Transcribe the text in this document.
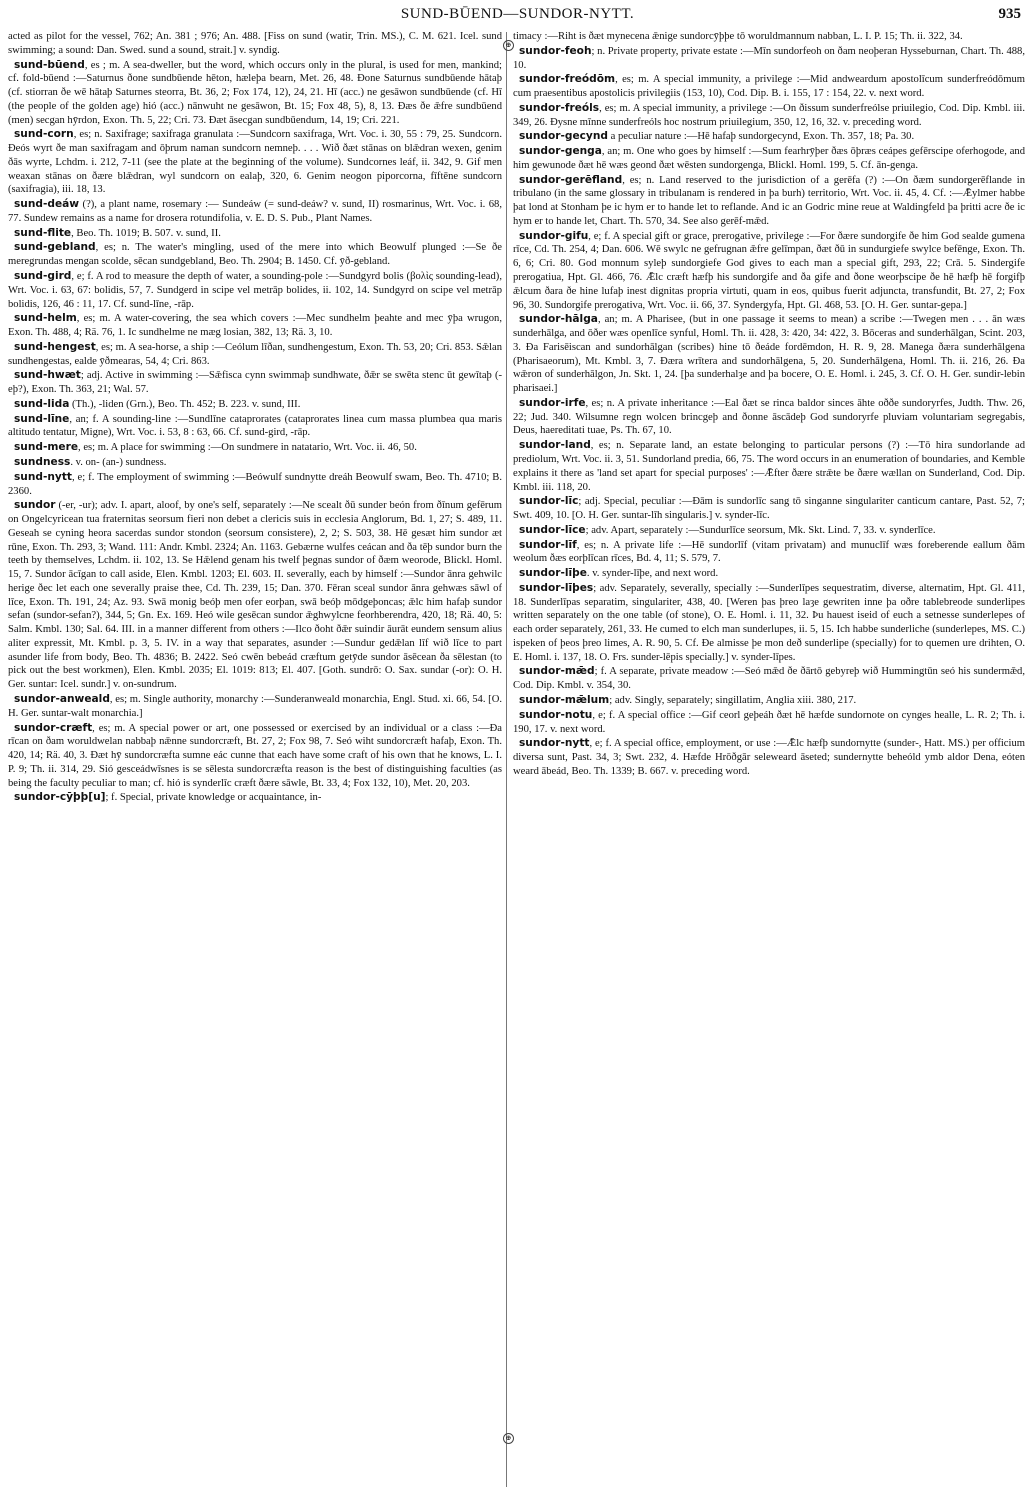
SUND-BŪEND—SUNDOR-NYTT.	935
⊕
⊕

acted as pilot for the vessel, 762; An. 381 ; 976; An. 488. [Fiss on sund (watir, Trin. MS.), C. M. 621. Icel. sund swimming; a sound: Dan. Swed. sund a sound, strait.] v. syndig.

sund-būend, es ; m. A sea-dweller, but the word, which occurs only in the plural, is used for men, mankind; cf. fold-būend :—Saturnus ðone sundbūende hēton, hæleþa bearn, Met. 26, 48. Ðone Saturnus sundbūende hātaþ (cf. stiorran ðe wē hātaþ Saturnes steorra, Bt. 36, 2; Fox 174, 12), 24, 21. Hī (acc.) ne gesāwon sundbūende (cf. Hī (the people of the golden age) hió (acc.) nānwuht ne gesāwon, Bt. 15; Fox 48, 5), 8, 13. Ðæs ðe ǣfre sundbūend (men) secgan hȳrdon, Exon. Th. 5, 22; Cri. 73. Ðæt āsecgan sundbūendum, 14, 19; Cri. 221.

sund-corn, es; n. Saxifrage; saxifraga granulata :—Sundcorn saxifraga, Wrt. Voc. i. 30, 55 : 79, 25. Sundcorn. Ðeós wyrt ðe man saxifragam and ōþrum naman sundcorn nemneþ. . . . Wið ðæt stānas on blǣdran wexen, genim ðās wyrte, Lchdm. i. 212, 7-11 (see the plate at the beginning of the volume). Sundcornes leáf, ii. 342, 9. Gif men weaxan stānas on ðære blǣdran, wyl sundcorn on ealaþ, 320, 6. Genim neogon piporcorna, fīftēne sundcorn (saxifragia), iii. 18, 13.

sund-deáw (?), a plant name, rosemary :— Sundeáw (= sund-deáw? v. sund, II) rosmarinus, Wrt. Voc. i. 68, 77. Sundew remains as a name for drosera rotundifolia, v. E. D. S. Pub., Plant Names.

sund-flite, Beo. Th. 1019; B. 507. v. sund, II.

sund-gebland, es; n. The water's mingling, used of the mere into which Beowulf plunged :—Se ðe meregrundas mengan scolde, sēcan sundgebland, Beo. Th. 2904; B. 1450. Cf. ȳð-gebland.

sund-gird, e; f. A rod to measure the depth of water, a sounding-pole :—Sundgyrd bolis (βολὶς sounding-lead), Wrt. Voc. i. 63, 67: bolidis, 57, 7. Sundgerd in scipe vel metrāp bolides, ii. 102, 14. Sundgyrd on scipe vel metrāp bolidis, 126, 46 : 11, 17. Cf. sund-līne, -rāp.

sund-helm, es; m. A water-covering, the sea which covers :—Mec sundhelm þeahte and mec ȳþa wrugon, Exon. Th. 488, 4; Rä. 76, 1. Ic sundhelme ne mæg losian, 382, 13; Rä. 3, 10.

sund-hengest, es; m. A sea-horse, a ship :—Ceólum līðan, sundhengestum, Exon. Th. 53, 20; Cri. 853. Sǣlan sundhengestas, ealde ȳðmearas, 54, 4; Cri. 863.

sund-hwæt; adj. Active in swimming :—Sǣfisca cynn swimmaþ sundhwate, ðǣr se swēta stenc ūt gewītaþ (-eþ?), Exon. Th. 363, 21; Wal. 57.

sund-lida (Th.), -liden (Grn.), Beo. Th. 452; B. 223. v. sund, III.

sund-līne, an; f. A sounding-line :—Sundlīne cataprorates (cataprorates linea cum massa plumbea qua maris altitudo tentatur, Migne), Wrt. Voc. i. 53, 8 : 63, 66. Cf. sund-gird, -rāp.

sund-mere, es; m. A place for swimming :—On sundmere in natatario, Wrt. Voc. ii. 46, 50.

sundness. v. on- (an-) sundness.

sund-nytt, e; f. The employment of swimming :—Beówulf sundnytte dreáh Beowulf swam, Beo. Th. 4710; B. 2360.

sundor (-er, -ur); adv. I. apart, aloof, by one's self, separately :—Ne scealt ðū sunder beón from ðīnum gefērum on Ongelcyricean tua fraternitas seorsum fieri non debet a clericis suis in ecclesia Anglorum, Bd. 1, 27; S. 489, 11. Geseah se cyning heora sacerdas sundor stondon (seorsum consistere), 2, 2; S. 503, 38. Hē gesæt him sundor æt rūne, Exon. Th. 293, 3; Wand. 111: Andr. Kmbl. 2324; An. 1163. Gebærne wulfes ceácan and ða tēþ sundor burn the teeth by themselves, Lchdm. ii. 102, 13. Se Hǣlend genam his twelf þegnas sundor of ðæm weorode, Blickl. Homl. 15, 7. Sundor ācīgan to call aside, Elen. Kmbl. 1203; El. 603. II. severally, each by himself :—Sundor ānra gehwilc herige ðec let each one severally praise thee, Cd. Th. 239, 15; Dan. 370. Fēran sceal sundor ānra gehwæs sāwl of līce, Exon. Th. 191, 24; Az. 93. Swā monig beóþ men ofer eorþan, swā beóþ mōdgeþoncas; ǣlc him hafaþ sundor sefan (sundor-sefan?), 344, 5; Gn. Ex. 169. Heó wile gesēcan sundor ǣghwylcne feorhberendra, 420, 18; Rä. 40, 5: Salm. Kmbl. 130; Sal. 64. III. in a manner different from others :—Ilco ðoht ðǣr suindir āurāt eundem sensum alius aliter expressit, Mt. Kmbl. p. 3, 5. IV. in a way that separates, asunder :—Sundur gedǣlan līf wið līce to part asunder life from body, Beo. Th. 4836; B. 2422. Seó cwēn bebeád cræftum getȳde sundor āsēcean ða sēlestan (to pick out the best workmen), Elen. Kmbl. 2035; El. 1019: 813; El. 407. [Goth. sundrō: O. Sax. sundar (-or): O. H. Ger. suntar: Icel. sundr.] v. on-sundrum.

sundor-anweald, es; m. Single authority, monarchy :—Sunderanweald monarchia, Engl. Stud. xi. 66, 54. [O. H. Ger. suntar-walt monarchia.]

sundor-cræft, es; m. A special power or art, one possessed or exercised by an individual or a class :—Ða rīcan on ðam woruldwelan nabbaþ nǣnne sundorcræft, Bt. 27, 2; Fox 98, 7. Seó wiht sundorcræft hafaþ, Exon. Th. 420, 14; Rä. 40, 3. Ðæt hȳ sundorcræfta sumne eác cunne that each have some craft of his own that he knows, L. I. P. 9; Th. ii. 314, 29. Sió gesceádwīsnes is se sēlesta sundorcræfta reason is the best of distinguishing faculties (as being the faculty peculiar to man; cf. hió is synderlīc cræft ðære sāwle, Bt. 33, 4; Fox 132, 10), Met. 20, 203.

sundor-cȳþþ[u]; f. Special, private knowledge or acquaintance, in-

timacy :—Riht is ðæt mynecena ǣnige sundorcȳþþe tō woruldmannum nabban, L. I. P. 15; Th. ii. 322, 34.

sundor-feoh; n. Private property, private estate :—Mīn sundorfeoh on ðam neoþeran Hysseburnan, Chart. Th. 488, 10.

sundor-freódōm, es; m. A special immunity, a privilege :—Mid andweardum apostolīcum sunderfreódōmum cum praesentibus apostolicis privilegiis (153, 10), Cod. Dip. B. i. 155, 17 : 154, 22. v. next word.

sundor-freóls, es; m. A special immunity, a privilege :—On ðissum sunderfreólse priuilegio, Cod. Dip. Kmbl. iii. 349, 26. Ðysne mīnne sunderfreóls hoc nostrum priuilegium, 350, 12, 16, 32. v. preceding word.

sundor-gecynd a peculiar nature :—Hē hafaþ sundorgecynd, Exon. Th. 357, 18; Pa. 30.

sundor-genga, an; m. One who goes by himself :—Sum fearhrȳþer ðæs ōþræs ceápes gefērscipe oferhogode, and him gewunode ðæt hē wæs geond ðæt wēsten sundorgenga, Blickl. Homl. 199, 5. Cf. ān-genga.

sundor-gerēfland, es; n. Land reserved to the jurisdiction of a gerēfa (?) :—On ðæm sundorgerēflande in tribulano (in the same glossary in tribulanam is rendered in þa burh) territorio, Wrt. Voc. ii. 45, 4. Cf. :—Ǣylmer habbe þat lond at Stonham þe ic hym er to hande let to reflande. And ic an Godric mine reue at Waldingfeld þa þritti acre ðe ic hym er to hande let, Chart. Th. 570, 34. See also gerēf-mǣd.

sundor-gifu, e; f. A special gift or grace, prerogative, privilege :—For ðære sundorgife ðe him God sealde gumena rīce, Cd. Th. 254, 4; Dan. 606. Wē swylc ne gefrugnan ǣfre gelīmpan, ðæt ðū in sundurgiefe swylce befēnge, Exon. Th. 6, 6; Cri. 80. God monnum syleþ sundorgiefe God gives to each man a special gift, 293, 22; Crā. 5. Sindergife prerogatiua, Hpt. Gl. 466, 76. Ǣlc cræft hæfþ his sundorgife and ða gife and ðone weorþscipe ðe hē hæfþ hē forgifþ ǣlcum ðara ðe hine lufaþ inest dignitas propria virtuti, quam in eos, quibus fuerit adjuncta, transfundit, Bt. 27, 2; Fox 96, 30. Sundorgife prerogativa, Wrt. Voc. ii. 66, 37. Syndergyfa, Hpt. Gl. 468, 53. [O. H. Ger. suntar-gepa.]

sundor-hālga, an; m. A Pharisee, (but in one passage it seems to mean) a scribe :—Twegen men . . . ān wæs sunderhālga, and ōðer wæs openlīce synful, Homl. Th. ii. 428, 3: 420, 34: 422, 3. Bōceras and sunderhālgan, Scint. 203, 3. Ða Farisēiscan and sundorhālgan (scribes) hine tō ðeáde fordēmdon, H. R. 9, 28. Manega ðæra sunderhālgena (Pharisaeorum), Mt. Kmbl. 3, 7. Ðæra wrītera and sundorhālgena, 5, 20. Sunderhālgena, Homl. Th. ii. 216, 26. Ða wǣron of sunderhālgon, Jn. Skt. 1, 24. [þa sunderhalȝe and þa bocere, O. E. Homl. i. 245, 3. Cf. O. H. Ger. sundir-lebin pharisaei.]

sundor-irfe, es; n. A private inheritance :—Eal ðæt se rinca baldor sinces āhte oððe sundoryrfes, Judth. Thw. 26, 22; Jud. 340. Wilsumne regn wolcen brincgeþ and ðonne āscādeþ God sundoryrfe pluviam voluntariam segregabis, Deus, haereditati tuae, Ps. Th. 67, 10.

sundor-land, es; n. Separate land, an estate belonging to particular persons (?) :—Tō hira sundorlande ad prediolum, Wrt. Voc. ii. 3, 51. Sundorland predia, 66, 75. The word occurs in an enumeration of boundaries, and Kemble explains it there as 'land set apart for special purposes' :—Ǣfter ðære strǣte be ðære wællan on Sunderland, Cod. Dip. Kmbl. iii. 118, 20.

sundor-līc; adj. Special, peculiar :—Ðām is sundorlīc sang tō singanne singulariter canticum cantare, Past. 52, 7; Swt. 409, 10. [O. H. Ger. suntar-līh singularis.] v. synder-līc.

sundor-līce; adv. Apart, separately :—Sundurlīce seorsum, Mk. Skt. Lind. 7, 33. v. synderlīce.

sundor-līf, es; n. A private life :—Hē sundorlīf (vitam privatam) and munuclīf wæs foreberende eallum ðām weolum ðæs eorþlīcan rīces, Bd. 4, 11; S. 579, 7.

sundor-līþe. v. synder-līþe, and next word.

sundor-līþes; adv. Separately, severally, specially :—Sunderlīpes sequestratim, diverse, alternatim, Hpt. Gl. 411, 18. Sunderlīpas separatim, singulariter, 438, 40. [Weren þas þreo laȝe gewriten inne þa oðre tablebreode sunderlipes written separately on the one table (of stone), O. E. Homl. i. 11, 32. Þu hauest iseid of euch a setnesse sunderlepes of each order separately, 261, 33. He cumed to elch man sunderlupes, ii. 5, 15. Ich habbe sunderliche (sunderlepes, MS. C.) ispeken of þeos þreo limes, A. R. 90, 5. Cf. Ðe almisse þe mon deð sunderlipe (specially) for to quemen ure drihten, O. E. Homl. i. 137, 18. O. Frs. sunder-lēpis specially.] v. synder-līpes.

sundor-mǣd; f. A separate, private meadow :—Seó mǣd ðe ðārtō gebyreþ wið Hummingtūn seó his sundermǣd, Cod. Dip. Kmbl. v. 354, 30.

sundor-mǣlum; adv. Singly, separately; singillatim, Anglia xiii. 380, 217.

sundor-notu, e; f. A special office :—Gif ceorl geþeáh ðæt hē hæfde sundornote on cynges healle, L. R. 2; Th. i. 190, 17. v. next word.

sundor-nytt, e; f. A special office, employment, or use :—Ǣlc hæfþ sundornytte (sunder-, Hatt. MS.) per officium diversa sunt, Past. 34, 3; Swt. 232, 4. Hæfde Hrōðgār seleweard āseted; sundernytte beheóld ymb aldor Dena, eóten weard ābeád, Beo. Th. 1339; B. 667. v. preceding word.
